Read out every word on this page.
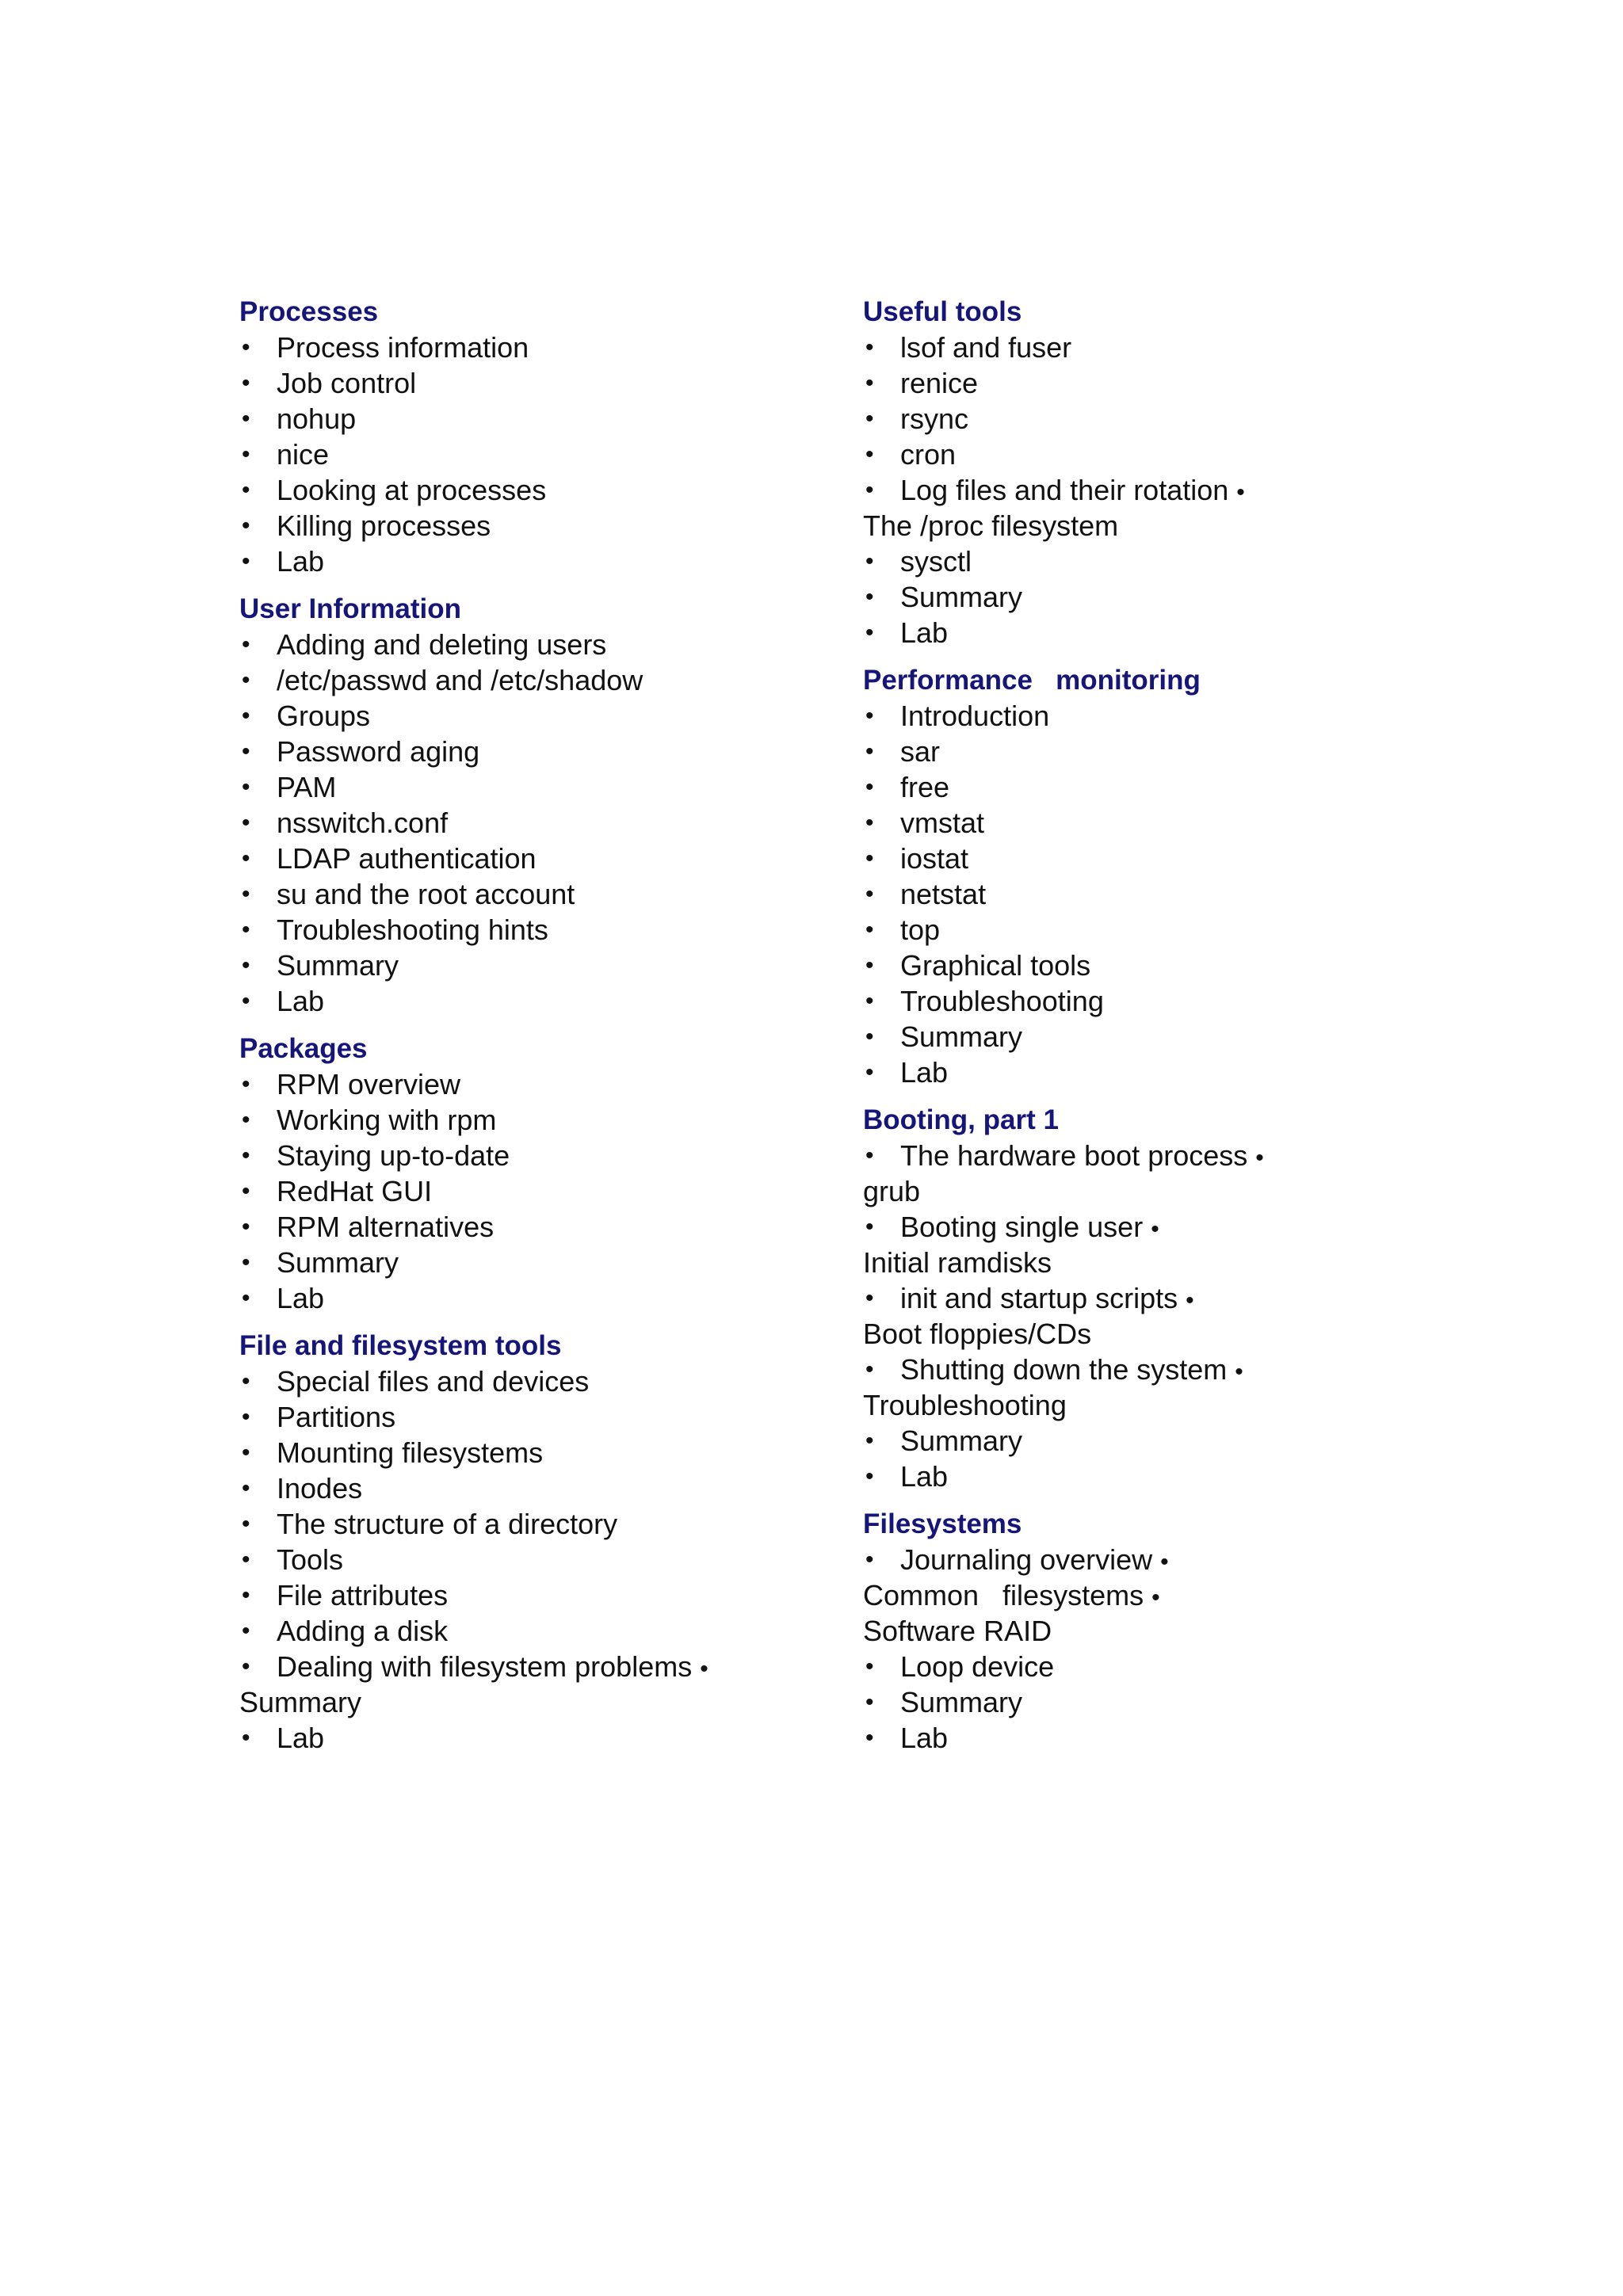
Processes
• Process information
• Job control
• nohup
• nice
• Looking at processes
• Killing processes
• Lab
User Information
• Adding and deleting users
• /etc/passwd and /etc/shadow
• Groups
• Password aging
• PAM
• nsswitch.conf
• LDAP authentication
• su and the root account
• Troubleshooting hints
• Summary
• Lab
Packages
• RPM overview
• Working with rpm
• Staying up-to-date
• RedHat GUI
• RPM alternatives
• Summary
• Lab
File and filesystem tools
• Special files and devices
• Partitions
• Mounting filesystems
• Inodes
• The structure of a directory
• Tools
• File attributes
• Adding a disk
• Dealing with filesystem problems •
Summary
• Lab
Useful tools
• lsof and fuser
• renice
• rsync
• cron
• Log files and their rotation •
The /proc filesystem
• sysctl
• Summary
• Lab
Performance   monitoring
• Introduction
• sar
• free
• vmstat
• iostat
• netstat
• top
• Graphical tools
• Troubleshooting
• Summary
• Lab
Booting, part 1
• The hardware boot process •
grub
• Booting single user •
Initial ramdisks
• init and startup scripts •
Boot floppies/CDs
• Shutting down the system •
Troubleshooting
• Summary
• Lab
Filesystems
• Journaling overview •
Common   filesystems •
Software RAID
• Loop device
• Summary
• Lab
